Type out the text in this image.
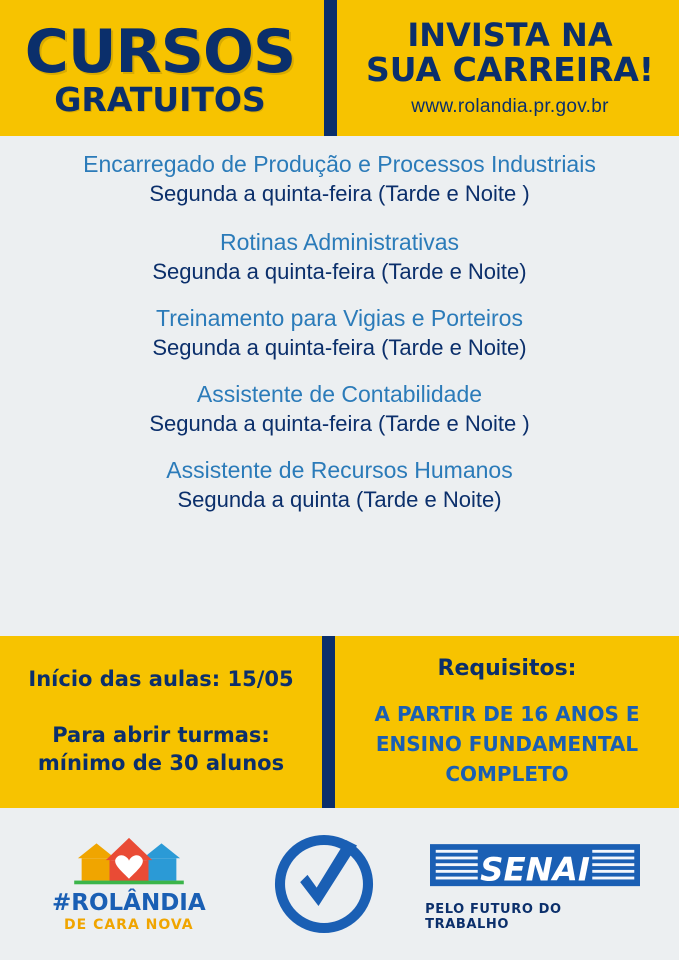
CURSOS
GRATUITOS
INVISTA NA
SUA CARREIRA!
www.rolandia.pr.gov.br
Encarregado de Produção e Processos Industriais
Segunda a quinta-feira (Tarde e Noite )
Rotinas Administrativas
Segunda a quinta-feira (Tarde e Noite)
Treinamento para Vigias e Porteiros
Segunda a quinta-feira (Tarde e Noite)
Assistente de Contabilidade
Segunda a quinta-feira (Tarde e Noite )
Assistente de Recursos Humanos
Segunda a quinta (Tarde e Noite)
Início das aulas: 15/05
Para abrir turmas:
mínimo de 30 alunos
Requisitos:
A PARTIR DE 16 ANOS E
ENSINO FUNDAMENTAL
COMPLETO
#ROLÂNDIA
DE CARA NOVA
SENAI
PELO FUTURO DO TRABALHO
